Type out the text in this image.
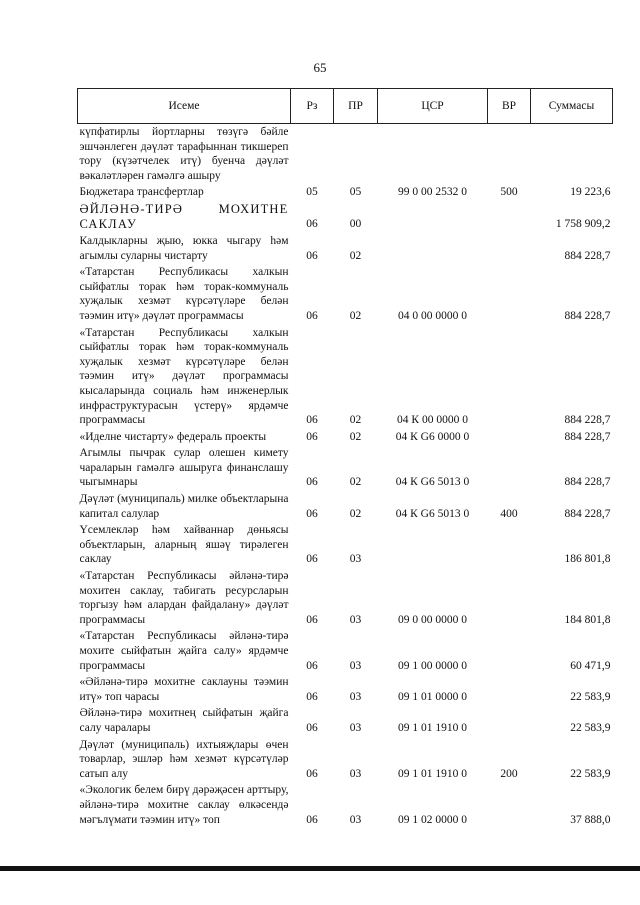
65
Исеме	Рз	ПР	ЦСР	ВР	Суммасы
күпфатирлы йортларны төзүгә бәйле эшчәнлеген дәүләт тарафыннан тикшереп тору (күзәтчелек итү) буенча дәүләт вәкаләтләрен гамәлгә ашыру					
Бюджетара трансфертлар	05	05	99 0 00 2532 0	500	19 223,6
ӘЙЛӘНӘ-ТИРӘ МОХИТНЕ САКЛАУ	06	00			1 758 909,2
Калдыкларны җыю, юкка чыгару һәм агымлы суларны чистарту	06	02			884 228,7
«Татарстан Республикасы халкын сыйфатлы торак һәм торак-коммуналь хуҗалык хезмәт күрсәтүләре белән тәэмин итү» дәүләт программасы	06	02	04 0 00 0000 0		884 228,7
«Татарстан Республикасы халкын сыйфатлы торак һәм торак-коммуналь хуҗалык хезмәт күрсәтүләре белән тәэмин итү» дәүләт программасы кысаларында социаль һәм инженерлык инфраструктурасын үстерү» ярдәмче программасы	06	02	04 К 00 0000 0		884 228,7
«Иделне чистарту» федераль проекты	06	02	04 К G6 0000 0		884 228,7
Агымлы пычрак сулар олешен кимету чараларын гамәлгә ашыруга финанслашу чыгымнары	06	02	04 К G6 5013 0		884 228,7
Дәүләт (муниципаль) милке объектларына капитал салулар	06	02	04 К G6 5013 0	400	884 228,7
Үсемлекләр һәм хайваннар дөньясы объектларын, аларның яшәү тирәлеген саклау	06	03			186 801,8
«Татарстан Республикасы әйләнә-тирә мохитен саклау, табигать ресурсларын торгызу һәм алардан файдалану» дәүләт программасы	06	03	09 0 00 0000 0		184 801,8
«Татарстан Республикасы әйләнә-тирә мохите сыйфатын җайга салу» ярдәмче программасы	06	03	09 1 00 0000 0		60 471,9
«Әйләнә-тирә мохитне саклауны тәэмин итү» топ чарасы	06	03	09 1 01 0000 0		22 583,9
Әйләнә-тирә мохитнең сыйфатын җайга салу чаралары	06	03	09 1 01 1910 0		22 583,9
Дәүләт (муниципаль) ихтыяҗлары өчен товарлар, эшләр һәм хезмәт күрсәтүләр сатып алу	06	03	09 1 01 1910 0	200	22 583,9
«Экологик белем бирү дәрәҗәсен арттыру, әйләнә-тирә мохитне саклау өлкәсендә мәгълүмати тәэмин итү» топ	06	03	09 1 02 0000 0		37 888,0
